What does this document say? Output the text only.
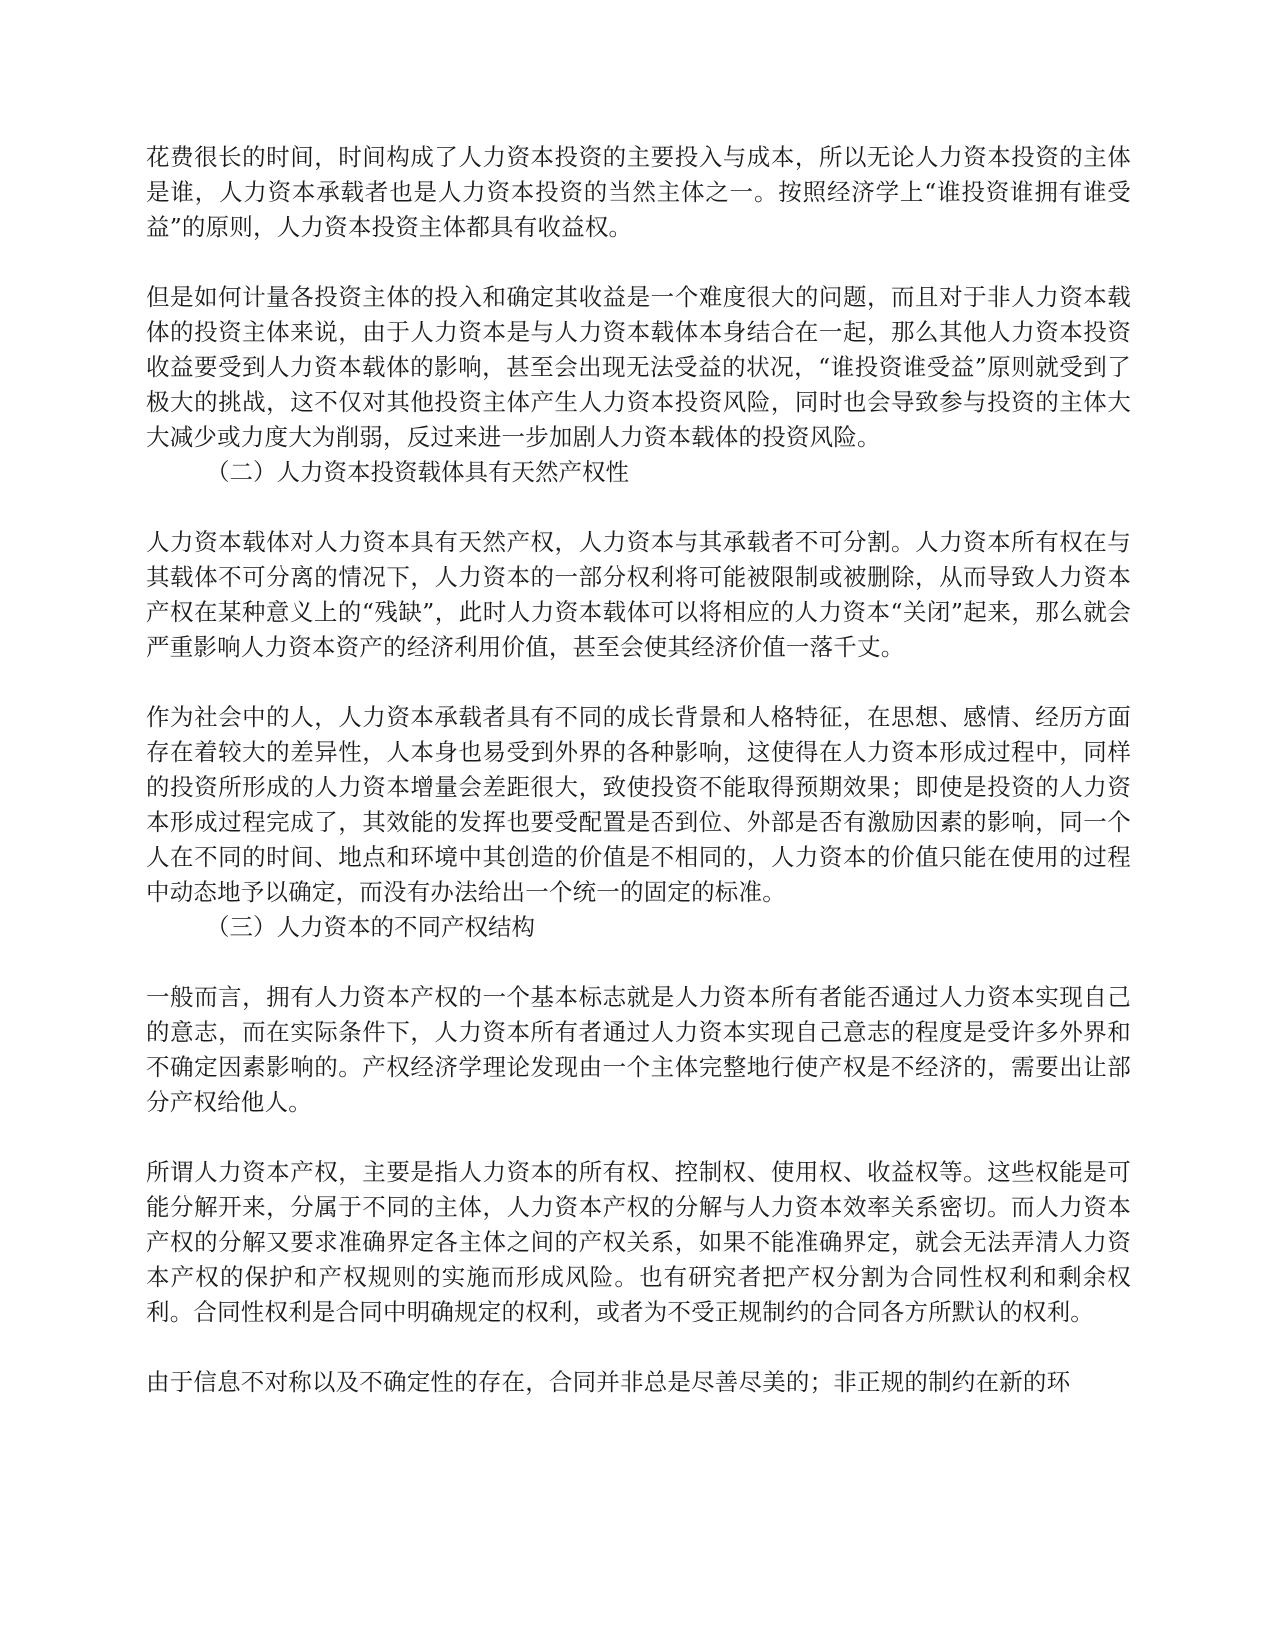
花费很长的时间，时间构成了人力资本投资的主要投入与成本，所以无论人力资本投资的主体是谁，人力资本承载者也是人力资本投资的当然主体之一。按照经济学上“谁投资谁拥有谁受益”的原则，人力资本投资主体都具有收益权。

但是如何计量各投资主体的投入和确定其收益是一个难度很大的问题，而且对于非人力资本载体的投资主体来说，由于人力资本是与人力资本载体本身结合在一起，那么其他人力资本投资收益要受到人力资本载体的影响，甚至会出现无法受益的状况，“谁投资谁受益”原则就受到了极大的挑战，这不仅对其他投资主体产生人力资本投资风险，同时也会导致参与投资的主体大大减少或力度大为削弱，反过来进一步加剧人力资本载体的投资风险。

（二）人力资本投资载体具有天然产权性

人力资本载体对人力资本具有天然产权，人力资本与其承载者不可分割。人力资本所有权在与其载体不可分离的情况下，人力资本的一部分权利将可能被限制或被删除，从而导致人力资本产权在某种意义上的“残缺”，此时人力资本载体可以将相应的人力资本“关闭”起来，那么就会严重影响人力资本资产的经济利用价值，甚至会使其经济价值一落千丈。

作为社会中的人，人力资本承载者具有不同的成长背景和人格特征，在思想、感情、经历方面存在着较大的差异性，人本身也易受到外界的各种影响，这使得在人力资本形成过程中，同样的投资所形成的人力资本增量会差距很大，致使投资不能取得预期效果；即使是投资的人力资本形成过程完成了，其效能的发挥也要受配置是否到位、外部是否有激励因素的影响，同一个人在不同的时间、地点和环境中其创造的价值是不相同的，人力资本的价值只能在使用的过程中动态地予以确定，而没有办法给出一个统一的固定的标准。

（三）人力资本的不同产权结构

一般而言，拥有人力资本产权的一个基本标志就是人力资本所有者能否通过人力资本实现自己的意志，而在实际条件下，人力资本所有者通过人力资本实现自己意志的程度是受许多外界和不确定因素影响的。产权经济学理论发现由一个主体完整地行使产权是不经济的，需要出让部分产权给他人。

所谓人力资本产权，主要是指人力资本的所有权、控制权、使用权、收益权等。这些权能是可能分解开来，分属于不同的主体，人力资本产权的分解与人力资本效率关系密切。而人力资本产权的分解又要求准确界定各主体之间的产权关系，如果不能准确界定，就会无法弄清人力资本产权的保护和产权规则的实施而形成风险。也有研究者把产权分割为合同性权利和剩余权利。合同性权利是合同中明确规定的权利，或者为不受正规制约的合同各方所默认的权利。

由于信息不对称以及不确定性的存在，合同并非总是尽善尽美的；非正规的制约在新的环
